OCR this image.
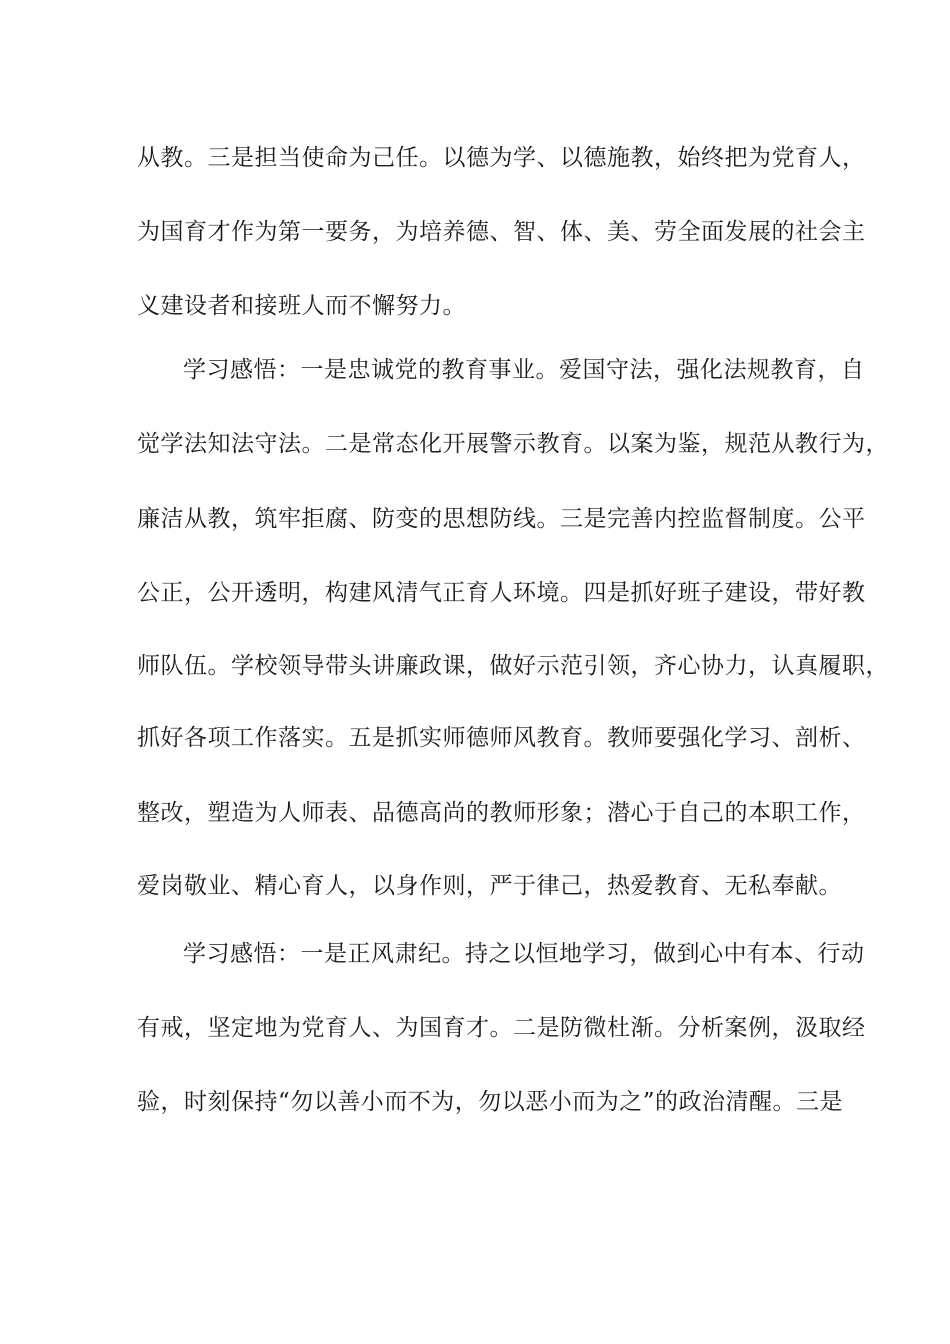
从教。三是担当使命为己任。以德为学、以德施教，始终把为党育人，
为国育才作为第一要务，为培养德、智、体、美、劳全面发展的社会主
义建设者和接班人而不懈努力。
学习感悟：一是忠诚党的教育事业。爱国守法，强化法规教育，自
觉学法知法守法。二是常态化开展警示教育。以案为鉴，规范从教行为，
廉洁从教，筑牢拒腐、防变的思想防线。三是完善内控监督制度。公平
公正，公开透明，构建风清气正育人环境。四是抓好班子建设，带好教
师队伍。学校领导带头讲廉政课，做好示范引领，齐心协力，认真履职，
抓好各项工作落实。五是抓实师德师风教育。教师要强化学习、剖析、
整改，塑造为人师表、品德高尚的教师形象；潜心于自己的本职工作，
爱岗敬业、精心育人，以身作则，严于律己，热爱教育、无私奉献。
学习感悟：一是正风肃纪。持之以恒地学习，做到心中有本、行动
有戒，坚定地为党育人、为国育才。二是防微杜渐。分析案例，汲取经
验，时刻保持“勿以善小而不为，勿以恶小而为之”的政治清醒。三是
